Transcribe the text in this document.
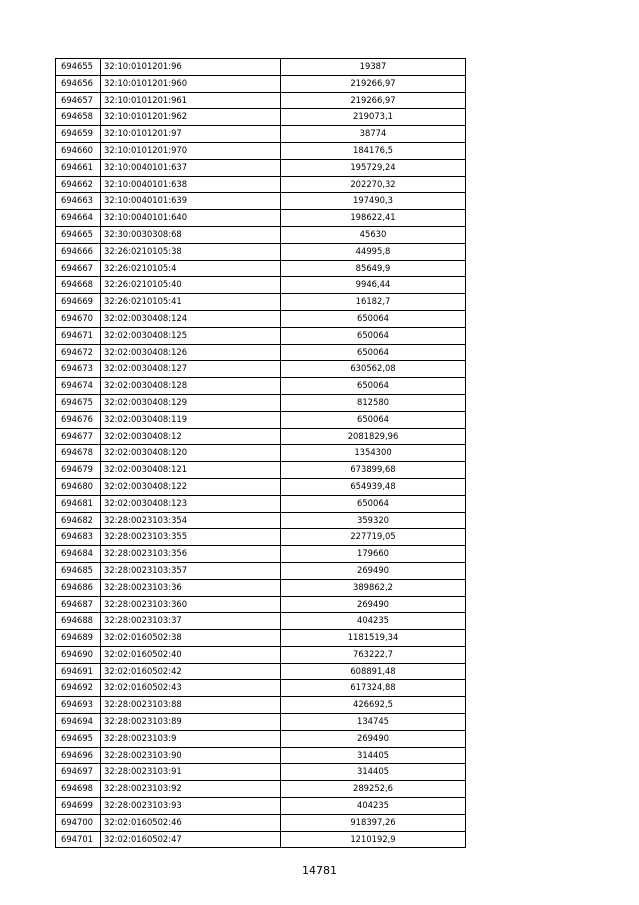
694655	32:10:0101201:96	19387
694656	32:10:0101201:960	219266,97
694657	32:10:0101201:961	219266,97
694658	32:10:0101201:962	219073,1
694659	32:10:0101201:97	38774
694660	32:10:0101201:970	184176,5
694661	32:10:0040101:637	195729,24
694662	32:10:0040101:638	202270,32
694663	32:10:0040101:639	197490,3
694664	32:10:0040101:640	198622,41
694665	32:30:0030308:68	45630
694666	32:26:0210105:38	44995,8
694667	32:26:0210105:4	85649,9
694668	32:26:0210105:40	9946,44
694669	32:26:0210105:41	16182,7
694670	32:02:0030408:124	650064
694671	32:02:0030408:125	650064
694672	32:02:0030408:126	650064
694673	32:02:0030408:127	630562,08
694674	32:02:0030408:128	650064
694675	32:02:0030408:129	812580
694676	32:02:0030408:119	650064
694677	32:02:0030408:12	2081829,96
694678	32:02:0030408:120	1354300
694679	32:02:0030408:121	673899,68
694680	32:02:0030408:122	654939,48
694681	32:02:0030408:123	650064
694682	32:28:0023103:354	359320
694683	32:28:0023103:355	227719,05
694684	32:28:0023103:356	179660
694685	32:28:0023103:357	269490
694686	32:28:0023103:36	389862,2
694687	32:28:0023103:360	269490
694688	32:28:0023103:37	404235
694689	32:02:0160502:38	1181519,34
694690	32:02:0160502:40	763222,7
694691	32:02:0160502:42	608891,48
694692	32:02:0160502:43	617324,88
694693	32:28:0023103:88	426692,5
694694	32:28:0023103:89	134745
694695	32:28:0023103:9	269490
694696	32:28:0023103:90	314405
694697	32:28:0023103:91	314405
694698	32:28:0023103:92	289252,6
694699	32:28:0023103:93	404235
694700	32:02:0160502:46	918397,26
694701	32:02:0160502:47	1210192,9
14781
